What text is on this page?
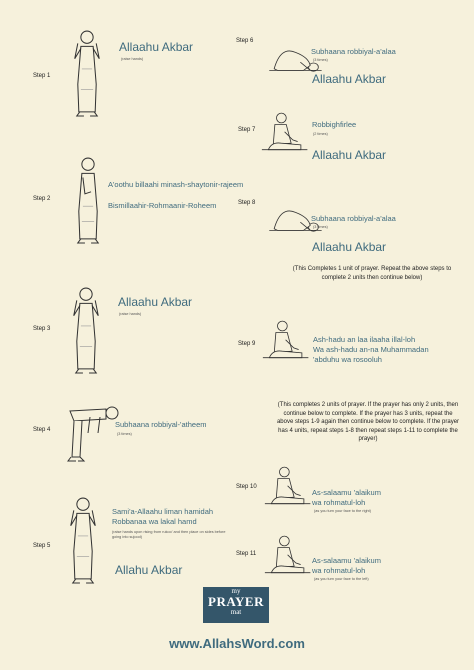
Step 1
Allaahu Akbar
(raise hands)
Step 2
A'oothu billaahi minash-shaytonir-rajeem
Bismillaahir-Rohmaanir-Roheem
Step 3
Allaahu Akbar
(raise hands)
Step 4
Subhaana robbiyal-'atheem
(3 times)
Step 5
Sami'a-Allaahu liman hamidah
Robbanaa wa lakal hamd
(raise hands upon rising from rukoo' and then place on sides before going into sujood)
Allahu Akbar
Step 6
Subhaana robbiyal-a'alaa
(3 times)
Allaahu Akbar
Step 7
Robbighfirlee
(2 times)
Allaahu Akbar
Step 8
Subhaana robbiyal-a'alaa
(3 times)
Allaahu Akbar
(This Completes 1 unit of prayer. Repeat the above steps to complete 2 units then continue below)
Step 9	Ash-hadu an laa ilaaha illal-loh
Wa ash-hadu an-na Muhammadan
'abduhu wa rosooluh
(This completes 2 units of prayer. If the prayer has only 2 units, then continue below to complete. If the prayer has 3 units, repeat the above steps 1-9 again then continue below to complete. If the prayer has 4 units, repeat steps 1-8 then repeat steps 1-11 to complete the prayer)
Step 10
As-salaamu 'alaikum
wa rohmatul-loh
(as you turn your face to the right)
Step 11
As-salaamu 'alaikum
wa rohmatul-loh
(as you turn your face to the left)
my
PRAYER
mat
www.AllahsWord.com
